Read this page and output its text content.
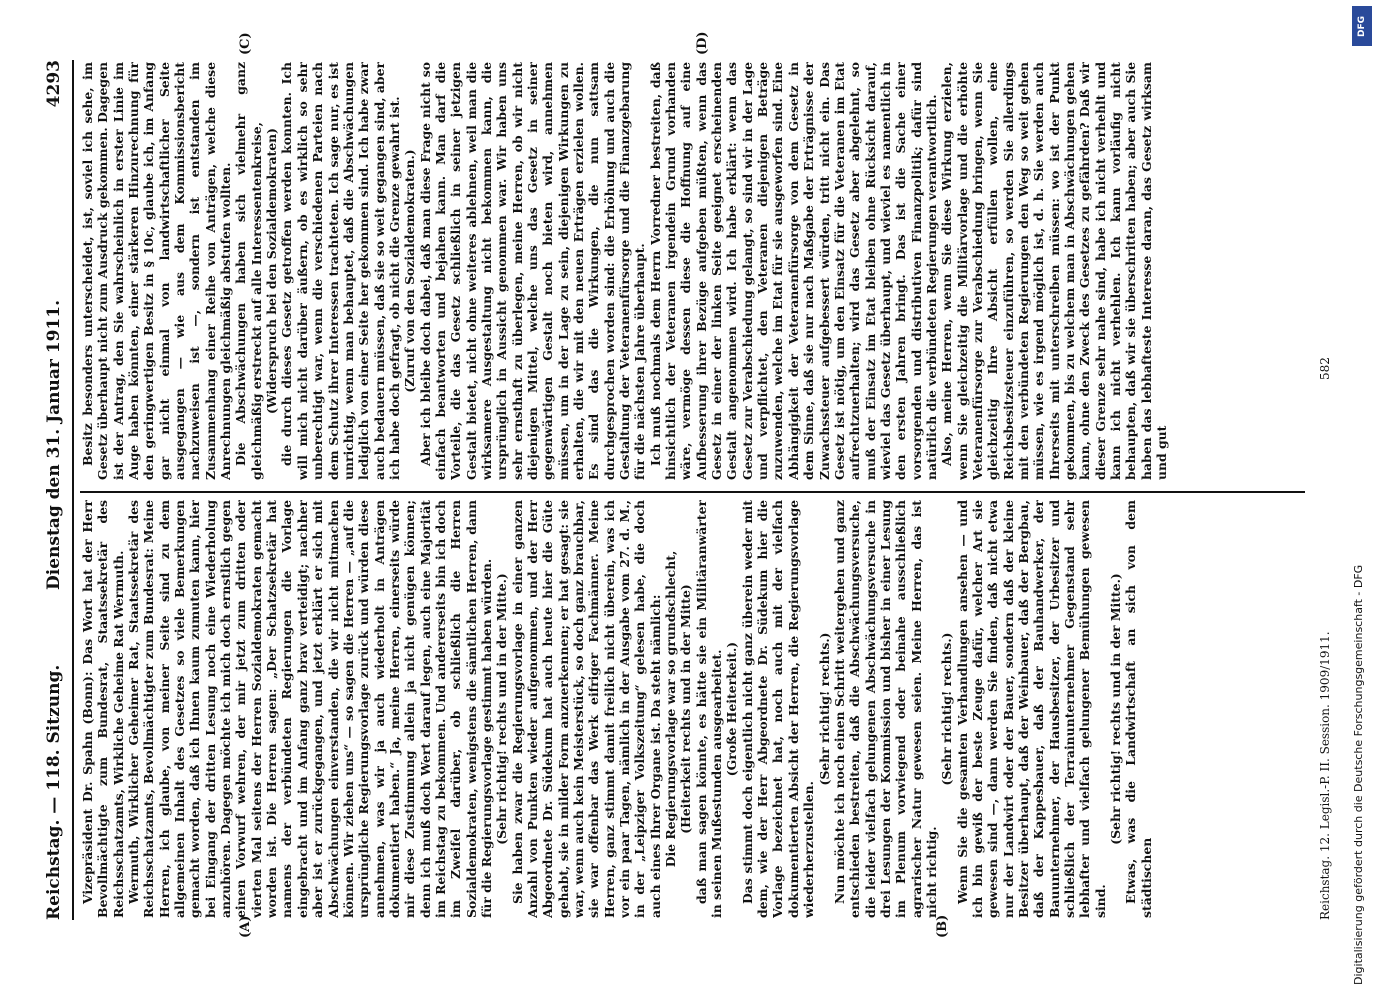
Reichstag. — 118. Sitzung.
Dienstag den 31. Januar 1911.
4293
(A)	(B)
(C)	(D)

Vizepräsident Dr. Spahn (Bonn): Das Wort hat der Herr Bevollmächtigte zum Bundesrat, Staatssekretär des Reichsschatzamts, Wirkliche Geheime Rat Wermuth. Wermuth, Wirklicher Geheimer Rat, Staatssekretär des Reichsschatzamts, Bevollmächtigter zum Bundesrat: Meine Herren, ich glaube, von meiner Seite sind zu dem allgemeinen Inhalt des Gesetzes so viele Bemerkungen gemacht worden, daß ich Ihnen kaum zumuten kann, hier bei Eingang der dritten Lesung noch eine Wiederholung anzuhören. Dagegen möchte ich mich doch ernstlich gegen einen Vorwurf wehren, der mir jetzt zum dritten oder vierten Mal seitens der Herren Sozialdemokraten gemacht worden ist. Die Herren sagen: „Der Schatzsekretär hat namens der verbündeten Regierungen die Vorlage eingebracht und im Anfang ganz brav verteidigt; nachher aber ist er zurückgegangen, und jetzt erklärt er sich mit Abschwächungen einverstanden, die wir nicht mitmachen können. Wir ziehen uns“ — so sagen die Herren — „auf die ursprüngliche Regierungsvorlage zurück und würden diese annehmen, was wir ja auch wiederholt in Anträgen dokumentiert haben.“ Ja, meine Herren, einerseits würde mir diese Zustimmung allein ja nicht genügen können; denn ich muß doch Wert darauf legen, auch eine Majorität im Reichstag zu bekommen. Und andererseits bin ich doch im Zweifel darüber, ob schließlich die Herren Sozialdemokraten, wenigstens die sämtlichen Herren, dann für die Regierungsvorlage gestimmt haben würden. (Sehr richtig! rechts und in der Mitte.) Sie haben zwar die Regierungsvorlage in einer ganzen Anzahl von Punkten wieder aufgenommen, und der Herr Abgeordnete Dr. Südekum hat auch heute hier die Güte gehabt, sie in milder Form anzuerkennen; er hat gesagt: sie war, wenn auch kein Meisterstück, so doch ganz brauchbar, sie war offenbar das Werk eifriger Fachmänner. Meine Herren, ganz stimmt damit freilich nicht überein, was ich vor ein paar Tagen, nämlich in der Ausgabe vom 27. d. M., in der „Leipziger Volkszeitung“ gelesen habe, die doch auch eines Ihrer Organe ist. Da steht nämlich: Die Regierungsvorlage war so grundschlecht, (Heiterkeit rechts und in der Mitte) daß man sagen könnte, es hätte sie ein Militäranwärter in seinen Mußestunden ausgearbeitet. (Große Heiterkeit.) Das stimmt doch eigentlich nicht ganz überein weder mit dem, wie der Herr Abgeordnete Dr. Südekum hier die Vorlage bezeichnet hat, noch auch mit der vielfach dokumentierten Absicht der Herren, die Regierungsvorlage wiederherzustellen.

(Sehr richtig! rechts.) Nun möchte ich noch einen Schritt weitergehen und ganz entschieden bestreiten, daß die Abschwächungsversuche, die leider vielfach gelungenen Abschwächungsversuche in drei Lesungen der Kommission und bisher in einer Lesung im Plenum vorwiegend oder beinahe ausschließlich agrarischer Natur gewesen seien. Meine Herren, das ist nicht richtig.

(Sehr richtig! rechts.) Wenn Sie die gesamten Verhandlungen ansehen — und ich bin gewiß der beste Zeuge dafür, welcher Art sie gewesen sind —, dann werden Sie finden, daß nicht etwa nur der Landwirt oder der Bauer, sondern daß der kleine Besitzer überhaupt, daß der Weinbauer, daß der Bergbau, daß der Kappesbauer, daß der Bauhandwerker, der Bauunternehmer, der Hausbesitzer, der Urbesitzer und schließlich der Terrainunternehmer Gegenstand sehr lebhafter und vielfach gelungener Bemühungen gewesen sind.

(Sehr richtig! rechts und in der Mitte.) Etwas, was die Landwirtschaft an sich von dem städtischen

Besitz besonders unterscheidet, ist, soviel ich sehe, im Gesetz überhaupt nicht zum Ausdruck gekommen. Dagegen ist der Antrag, den Sie wahrscheinlich in erster Linie im Auge haben könnten, einer stärkeren Hinzurechnung für den geringwertigen Besitz in § 10c, glaube ich, im Anfang gar nicht einmal von landwirtschaftlicher Seite ausgegangen — wie aus dem Kommissionsbericht nachzuweisen ist —, sondern ist entstanden im Zusammenhang einer Reihe von Anträgen, welche diese Anrechnungen gleichmäßig abstufen wollten. Die Abschwächungen haben sich vielmehr ganz gleichmäßig erstreckt auf alle Interessentenkreise, (Widerspruch bei den Sozialdemokraten) die durch dieses Gesetz getroffen werden konnten. Ich will mich nicht darüber äußern, ob es wirklich so sehr unberechtigt war, wenn die verschiedenen Parteien nach dem Schutz ihrer Interessen trachteten. Ich sage nur, es ist unrichtig, wenn man behauptet, daß die Abschwächungen lediglich von einer Seite her gekommen sind. Ich habe zwar auch bedauern müssen, daß sie so weit gegangen sind, aber ich habe doch gefragt, ob nicht die Grenze gewahrt ist. (Zuruf von den Sozialdemokraten.) Aber ich bleibe doch dabei, daß man diese Frage nicht so einfach beantworten und bejahen kann. Man darf die Vorteile, die das Gesetz schließlich in seiner jetzigen Gestalt bietet, nicht ohne weiteres ablehnen, weil man die wirksamere Ausgestaltung nicht bekommen kann, die ursprünglich in Aussicht genommen war. Wir haben uns sehr ernsthaft zu überlegen, meine Herren, ob wir nicht diejenigen Mittel, welche uns das Gesetz in seiner gegenwärtigen Gestalt noch bieten wird, annehmen müssen, um in der Lage zu sein, diejenigen Wirkungen zu erhalten, die wir mit den neuen Erträgen erzielen wollen. Es sind das die Wirkungen, die nun sattsam durchgesprochen worden sind: die Erhöhung und auch die Gestaltung der Veteranenfürsorge und die Finanzgebarung für die nächsten Jahre überhaupt. Ich muß nochmals dem Herrn Vorredner bestreiten, daß hinsichtlich der Veteranen irgendein Grund vorhanden wäre, vermöge dessen diese die Hoffnung auf eine Aufbesserung ihrer Bezüge aufgeben müßten, wenn das Gesetz in einer der linken Seite geeignet erscheinenden Gestalt angenommen wird. Ich habe erklärt: wenn das Gesetz zur Verabschiedung gelangt, so sind wir in der Lage und verpflichtet, den Veteranen diejenigen Beträge zuzuwenden, welche im Etat für sie ausgeworfen sind. Eine Abhängigkeit der Veteranenfürsorge von dem Gesetz in dem Sinne, daß sie nur nach Maßgabe der Erträgnisse der Zuwachssteuer aufgebessert würden, tritt nicht ein. Das Gesetz ist nötig, um den Einsatz für die Veteranen im Etat aufrechtzuerhalten; wird das Gesetz aber abgelehnt, so muß der Einsatz im Etat bleiben ohne Rücksicht darauf, wieviel das Gesetz überhaupt, und wieviel es namentlich in den ersten Jahren bringt. Das ist die Sache einer vorsorgenden und distributiven Finanzpolitik; dafür sind natürlich die verbündeten Regierungen verantwortlich. Also, meine Herren, wenn Sie diese Wirkung erzielen, wenn Sie gleichzeitig die Militärvorlage und die erhöhte Veteranenfürsorge zur Verabschiedung bringen, wenn Sie gleichzeitig Ihre Absicht erfüllen wollen, eine Reichsbesitzsteuer einzuführen, so werden Sie allerdings mit den verbündeten Regierungen den Weg so weit gehen müssen, wie es irgend möglich ist, d. h. Sie werden auch Ihrerseits mit unterschreiben müssen: wo ist der Punkt gekommen, bis zu welchem man in Abschwächungen gehen kann, ohne den Zweck des Gesetzes zu gefährden? Daß wir dieser Grenze sehr nahe sind, habe ich nicht verhehlt und kann ich nicht verhehlen. Ich kann vorläufig nicht behaupten, daß wir sie überschritten haben; aber auch Sie haben das lebhafteste Interesse daran, das Gesetz wirksam und gut

Reichstag. 12. Legisl.-P. II. Session. 1909/1911.
582
DFG
Digitalisierung gefördert durch die Deutsche Forschungsgemeinschaft - DFG
